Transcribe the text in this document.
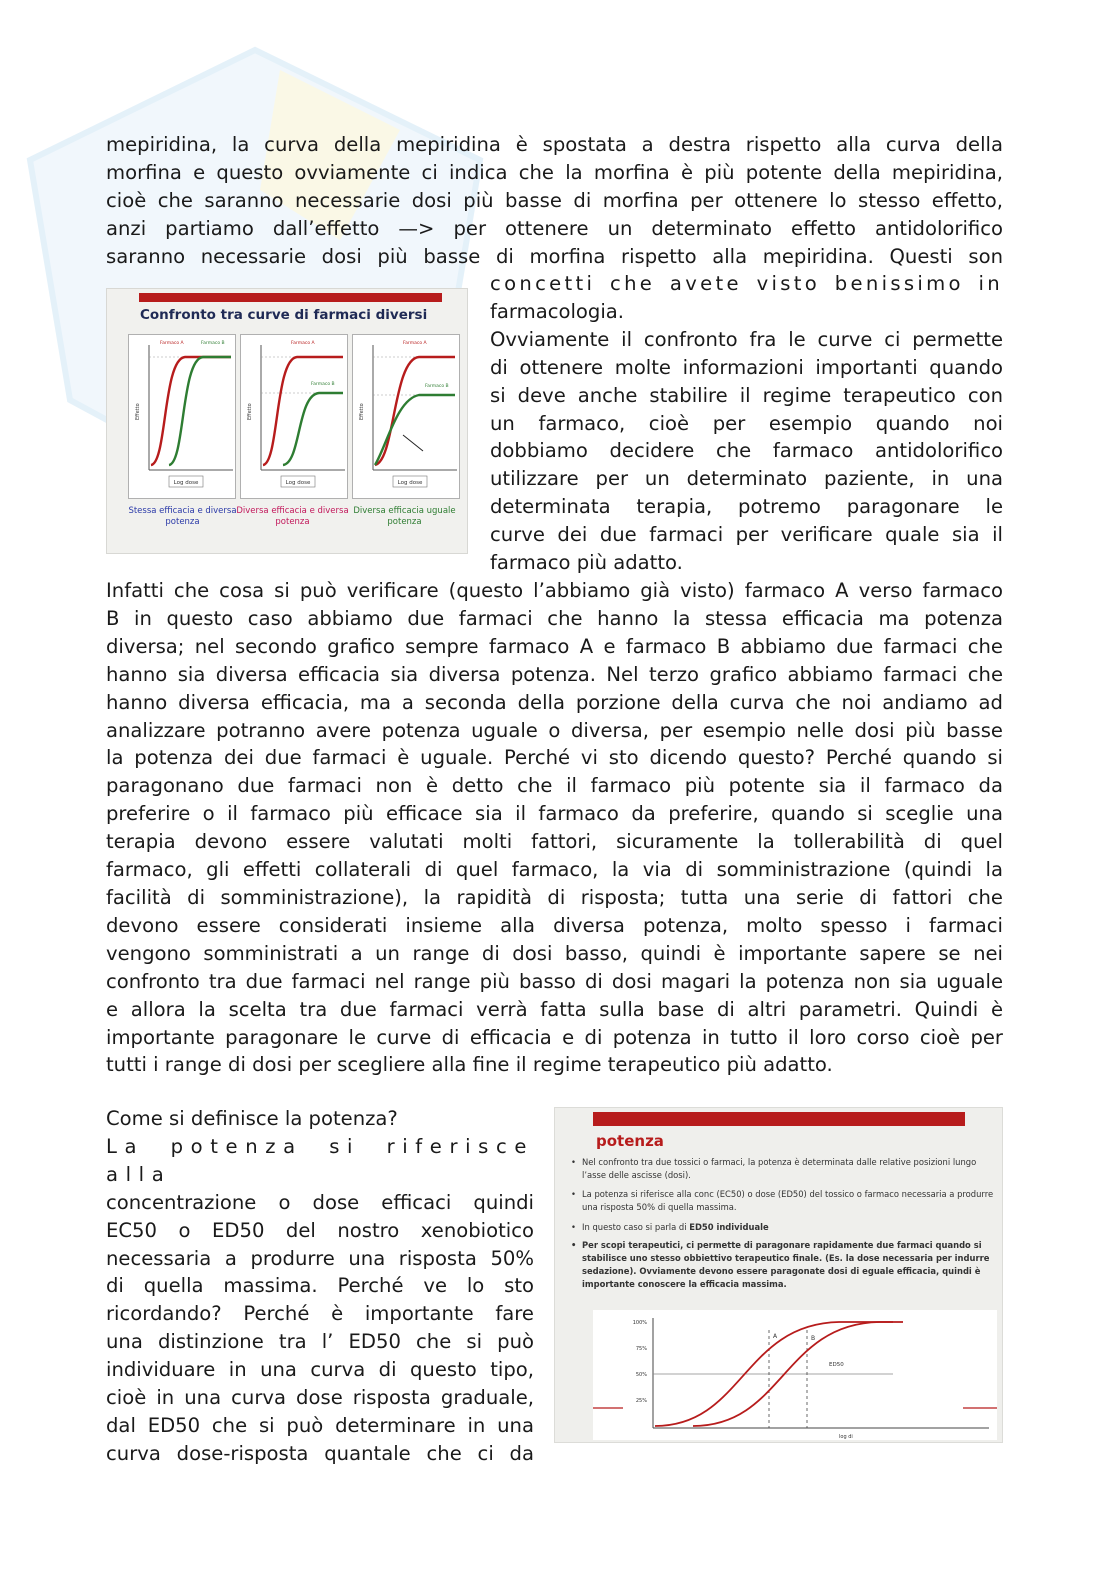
mepiridina, la curva della mepiridina è spostata a destra rispetto alla curva della
morfina e questo ovviamente ci indica che la morfina è più potente della mepiridina,
cioè che saranno necessarie dosi più basse di morfina per ottenere lo stesso effetto,
anzi partiamo dall’effetto —> per ottenere un determinato effetto antidolorifico
saranno necessarie dosi più basse di morfina rispetto alla mepiridina. Questi son
Confronto tra curve di farmaci diversi
Farmaco A	Farmaco B
Effetto
Log dose
Stessa efficacia e diversa potenza
Farmaco A
Farmaco B
Effetto
Log dose
Diversa efficacia e diversa potenza
Farmaco A
Farmaco B
Effetto
Log dose
Diversa efficacia uguale potenza
concetti che avete visto benissimo in
farmacologia.
Ovviamente il confronto fra le curve ci permette
di ottenere molte informazioni importanti quando
si deve anche stabilire il regime terapeutico con
un farmaco, cioè per esempio quando noi
dobbiamo decidere che farmaco antidolorifico
utilizzare per un determinato paziente, in una
determinata terapia, potremo paragonare le
curve dei due farmaci per verificare quale sia il
farmaco più adatto.
Infatti che cosa si può verificare (questo l’abbiamo già visto) farmaco A verso farmaco
B in questo caso abbiamo due farmaci che hanno la stessa efficacia ma potenza
diversa; nel secondo grafico sempre farmaco A e farmaco B abbiamo due farmaci che
hanno sia diversa efficacia sia diversa potenza. Nel terzo grafico abbiamo farmaci che
hanno diversa efficacia, ma a seconda della porzione della curva che noi andiamo ad
analizzare potranno avere potenza uguale o diversa, per esempio nelle dosi più basse
la potenza dei due farmaci è uguale. Perché vi sto dicendo questo? Perché quando si
paragonano due farmaci non è detto che il farmaco più potente sia il farmaco da
preferire o il farmaco più efficace sia il farmaco da preferire, quando si sceglie una
terapia devono essere valutati molti fattori, sicuramente la tollerabilità di quel
farmaco, gli effetti collaterali di quel farmaco, la via di somministrazione (quindi la
facilità di somministrazione), la rapidità di risposta; tutta una serie di fattori che
devono essere considerati insieme alla diversa potenza, molto spesso i farmaci
vengono somministrati a un range di dosi basso, quindi è importante sapere se nei
confronto tra due farmaci nel range più basso di dosi magari la potenza non sia uguale
e allora la scelta tra due farmaci verrà fatta sulla base di altri parametri. Quindi è
importante paragonare le curve di efficacia e di potenza in tutto il loro corso cioè per
tutti i range di dosi per scegliere alla fine il regime terapeutico più adatto.
Come si definisce la potenza?
La potenza si riferisce alla
concentrazione o dose efficaci quindi
EC50 o ED50 del nostro xenobiotico
necessaria a produrre una risposta 50%
di quella massima. Perché ve lo sto
ricordando? Perché è importante fare
una distinzione tra l’ ED50 che si può
individuare in una curva di questo tipo,
cioè in una curva dose risposta graduale,
dal ED50 che si può determinare in una
curva dose-risposta quantale che ci da
potenza
• Nel confronto tra due tossici o farmaci, la potenza è determinata dalle relative posizioni lungo l’asse delle ascisse (dosi).
• La potenza si riferisce alla conc (EC50) o dose (ED50) del tossico o farmaco necessaria a produrre una risposta 50% di quella massima.
• In questo caso si parla di ED50 individuale
• Per scopi terapeutici, ci permette di paragonare rapidamente due farmaci quando si stabilisce uno stesso obbiettivo terapeutico finale. (Es. la dose necessaria per indurre sedazione). Ovviamente devono essere paragonate dosi di eguale efficacia, quindi è importante conoscere la efficacia massima.
100%
75%
50%
25%
A	B
ED50
log di
